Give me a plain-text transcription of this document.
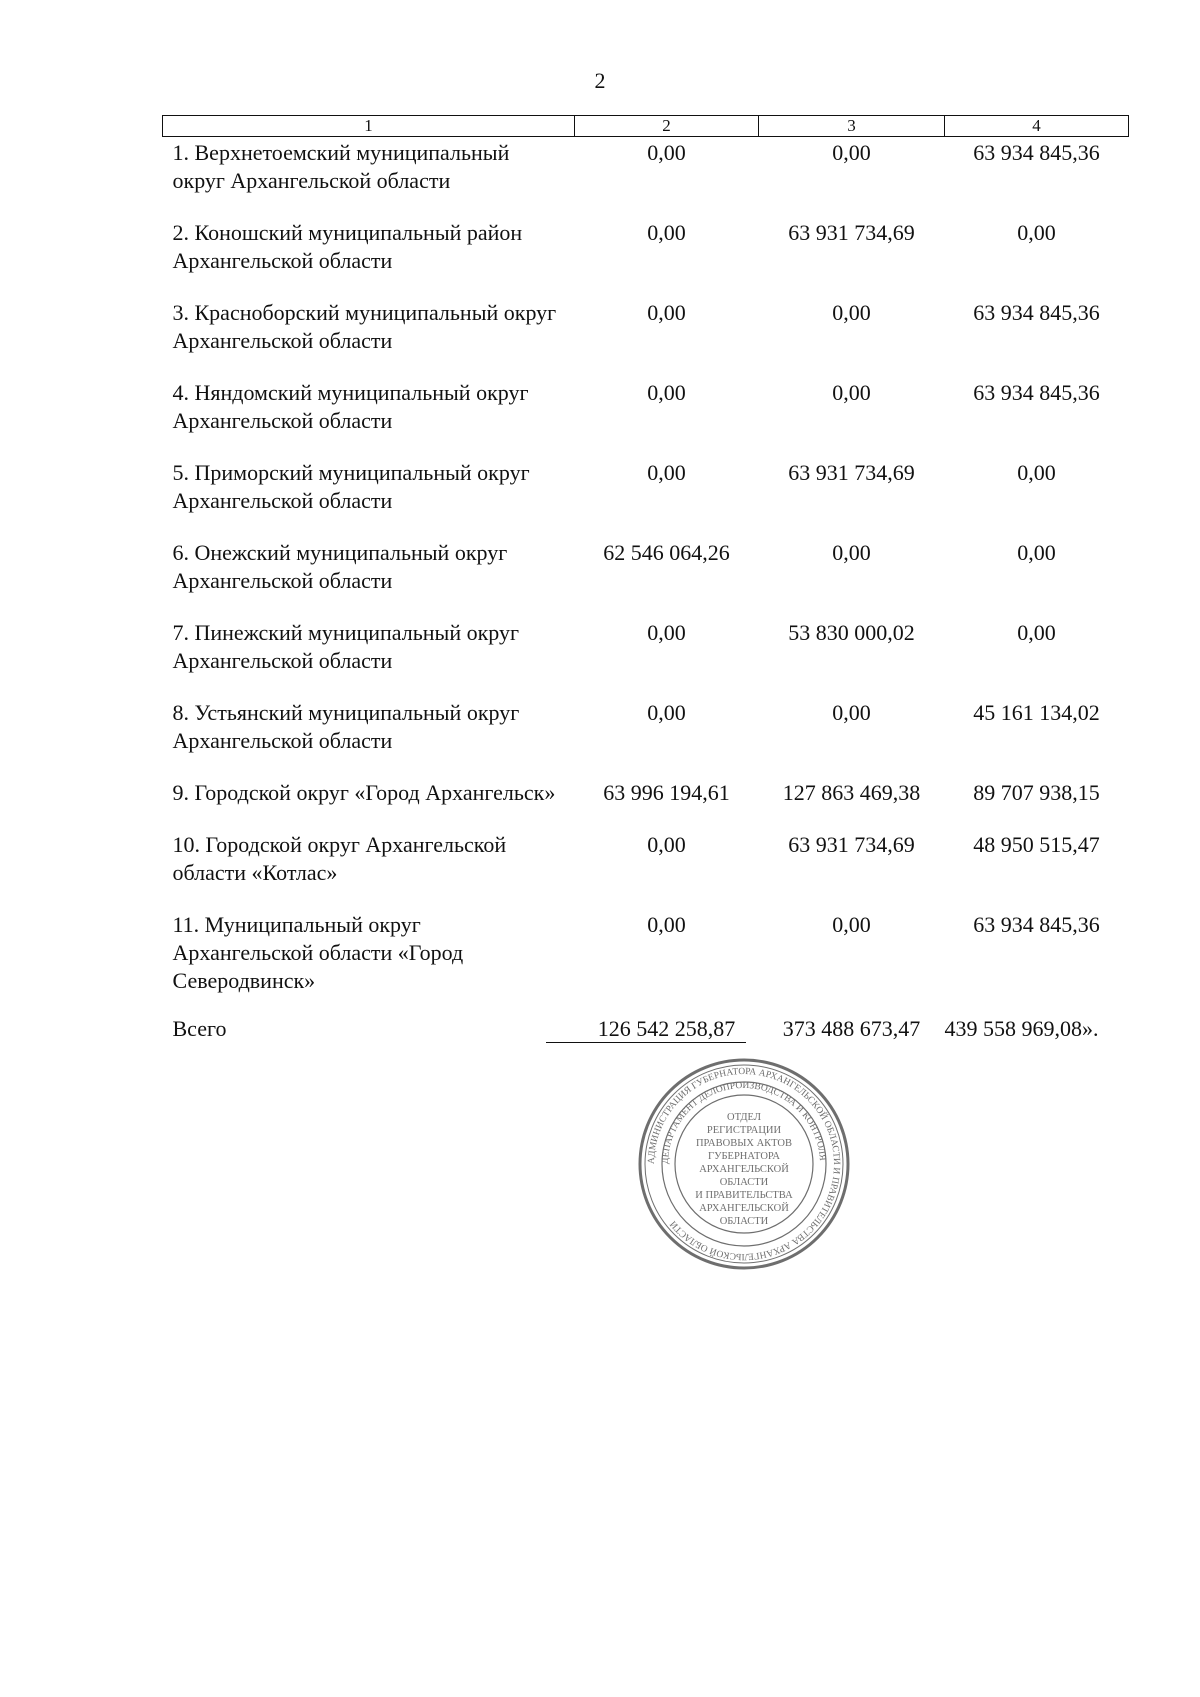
2
1	2	3	4
1. Верхнетоемский муниципальный округ Архангельской области	0,00	0,00	63 934 845,36
2. Коношский муниципальный район Архангельской области	0,00	63 931 734,69	0,00
3. Красноборский муниципальный округ Архангельской области	0,00	0,00	63 934 845,36
4. Няндомский муниципальный округ Архангельской области	0,00	0,00	63 934 845,36
5. Приморский муниципальный округ Архангельской области	0,00	63 931 734,69	0,00
6. Онежский муниципальный округ Архангельской области	62 546 064,26	0,00	0,00
7. Пинежский муниципальный округ Архангельской области	0,00	53 830 000,02	0,00
8. Устьянский муниципальный округ Архангельской области	0,00	0,00	45 161 134,02
9. Городской округ «Город Архангельск»	63 996 194,61	127 863 469,38	89 707 938,15
10. Городской округ Архангельской области «Котлас»	0,00	63 931 734,69	48 950 515,47
11. Муниципальный округ Архангельской области «Город Северодвинск»	0,00	0,00	63 934 845,36
Всего	126 542 258,87	373 488 673,47	439 558 969,08».
АДМИНИСТРАЦИЯ ГУБЕРНАТОРА АРХАНГЕЛЬСКОЙ ОБЛАСТИ И ПРАВИТЕЛЬСТВА АРХАНГЕЛЬСКОЙ ОБЛАСТИ
ДЕПАРТАМЕНТ ДЕЛОПРОИЗВОДСТВА И КОНТРОЛЯ
ОТДЕЛ
РЕГИСТРАЦИИ
ПРАВОВЫХ АКТОВ
ГУБЕРНАТОРА
АРХАНГЕЛЬСКОЙ
ОБЛАСТИ
И ПРАВИТЕЛЬСТВА
АРХАНГЕЛЬСКОЙ
ОБЛАСТИ
